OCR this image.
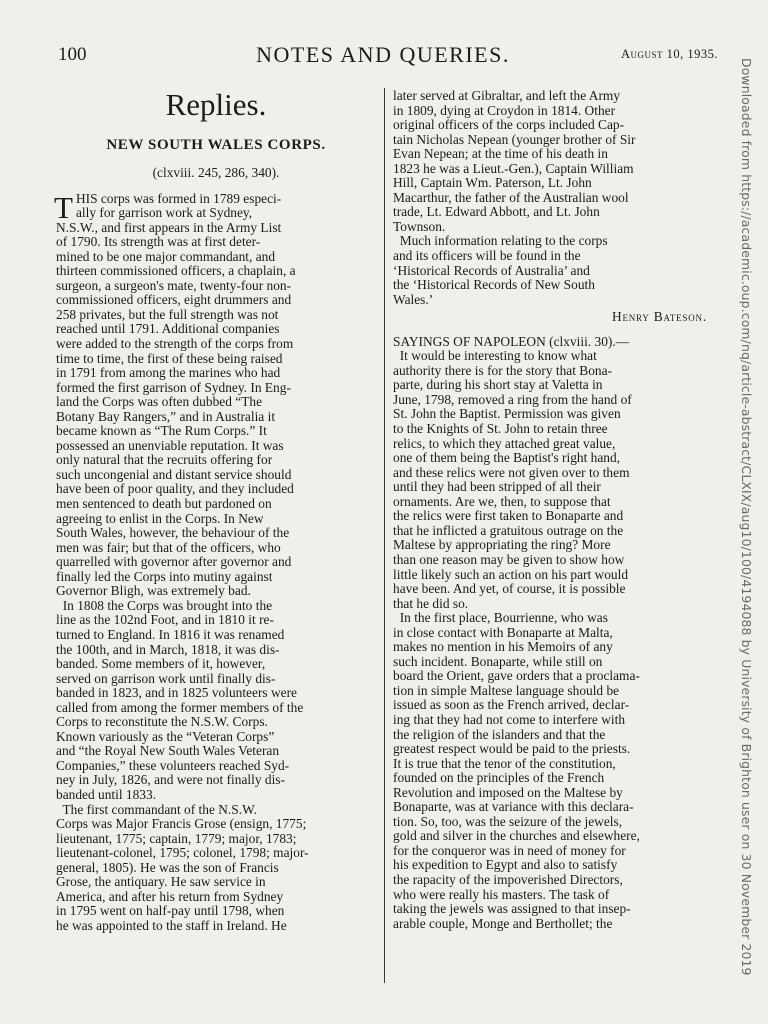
100	NOTES AND QUERIES.	August 10, 1935.
Replies.
NEW SOUTH WALES CORPS.
(clxviii. 245, 286, 340).
T HIS corps was formed in 1789 especi-
ally for garrison work at Sydney,
N.S.W., and first appears in the Army List
of 1790. Its strength was at first deter-
mined to be one major commandant, and
thirteen commissioned officers, a chaplain, a
surgeon, a surgeon's mate, twenty-four non-
commissioned officers, eight drummers and
258 privates, but the full strength was not
reached until 1791. Additional companies
were added to the strength of the corps from
time to time, the first of these being raised
in 1791 from among the marines who had
formed the first garrison of Sydney. In Eng-
land the Corps was often dubbed “The
Botany Bay Rangers,” and in Australia it
became known as “The Rum Corps.” It
possessed an unenviable reputation. It was
only natural that the recruits offering for
such uncongenial and distant service should
have been of poor quality, and they included
men sentenced to death but pardoned on
agreeing to enlist in the Corps. In New
South Wales, however, the behaviour of the
men was fair; but that of the officers, who
quarrelled with governor after governor and
finally led the Corps into mutiny against
Governor Bligh, was extremely bad.
In 1808 the Corps was brought into the
line as the 102nd Foot, and in 1810 it re-
turned to England. In 1816 it was renamed
the 100th, and in March, 1818, it was dis-
banded. Some members of it, however,
served on garrison work until finally dis-
banded in 1823, and in 1825 volunteers were
called from among the former members of the
Corps to reconstitute the N.S.W. Corps.
Known variously as the “Veteran Corps”
and “the Royal New South Wales Veteran
Companies,” these volunteers reached Syd-
ney in July, 1826, and were not finally dis-
banded until 1833.
The first commandant of the N.S.W.
Corps was Major Francis Grose (ensign, 1775;
lieutenant, 1775; captain, 1779; major, 1783;
lieutenant-colonel, 1795; colonel, 1798; major-
general, 1805). He was the son of Francis
Grose, the antiquary. He saw service in
America, and after his return from Sydney
in 1795 went on half-pay until 1798, when
he was appointed to the staff in Ireland. He
later served at Gibraltar, and left the Army
in 1809, dying at Croydon in 1814. Other
original officers of the corps included Cap-
tain Nicholas Nepean (younger brother of Sir
Evan Nepean; at the time of his death in
1823 he was a Lieut.-Gen.), Captain William
Hill, Captain Wm. Paterson, Lt. John
Macarthur, the father of the Australian wool
trade, Lt. Edward Abbott, and Lt. John
Townson.
Much information relating to the corps
and its officers will be found in the
‘Historical Records of Australia’ and
the ‘Historical Records of New South
Wales.’
Henry Bateson.
SAYINGS OF NAPOLEON (clxviii. 30).—
It would be interesting to know what
authority there is for the story that Bona-
parte, during his short stay at Valetta in
June, 1798, removed a ring from the hand of
St. John the Baptist. Permission was given
to the Knights of St. John to retain three
relics, to which they attached great value,
one of them being the Baptist's right hand,
and these relics were not given over to them
until they had been stripped of all their
ornaments. Are we, then, to suppose that
the relics were first taken to Bonaparte and
that he inflicted a gratuitous outrage on the
Maltese by appropriating the ring? More
than one reason may be given to show how
little likely such an action on his part would
have been. And yet, of course, it is possible
that he did so.
In the first place, Bourrienne, who was
in close contact with Bonaparte at Malta,
makes no mention in his Memoirs of any
such incident. Bonaparte, while still on
board the Orient, gave orders that a proclama-
tion in simple Maltese language should be
issued as soon as the French arrived, declar-
ing that they had not come to interfere with
the religion of the islanders and that the
greatest respect would be paid to the priests.
It is true that the tenor of the constitution,
founded on the principles of the French
Revolution and imposed on the Maltese by
Bonaparte, was at variance with this declara-
tion. So, too, was the seizure of the jewels,
gold and silver in the churches and elsewhere,
for the conqueror was in need of money for
his expedition to Egypt and also to satisfy
the rapacity of the impoverished Directors,
who were really his masters. The task of
taking the jewels was assigned to that insep-
arable couple, Monge and Berthollet; the	Downloaded from https://academic.oup.com/nq/article-abstract/CLXIX/aug10/100/4194088 by University of Brighton user on 30 November 2019
